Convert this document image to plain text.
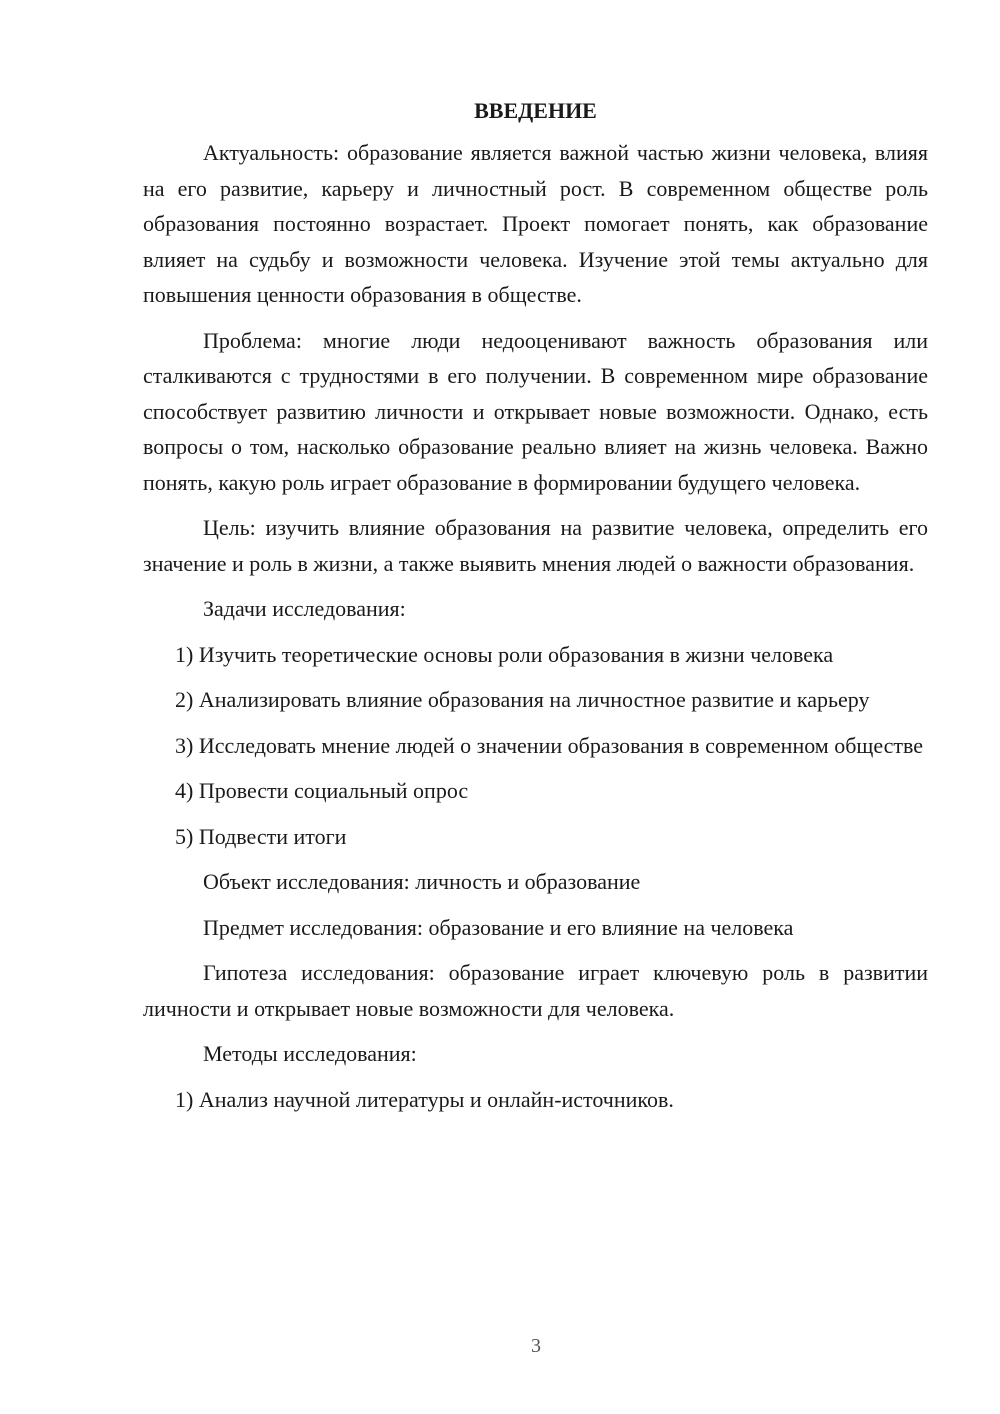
ВВЕДЕНИЕ
Актуальность: образование является важной частью жизни человека, влияя на его развитие, карьеру и личностный рост. В современном обществе роль образования постоянно возрастает. Проект помогает понять, как образование влияет на судьбу и возможности человека. Изучение этой темы актуально для повышения ценности образования в обществе.
Проблема: многие люди недооценивают важность образования или сталкиваются с трудностями в его получении. В современном мире образование способствует развитию личности и открывает новые возможности. Однако, есть вопросы о том, насколько образование реально влияет на жизнь человека. Важно понять, какую роль играет образование в формировании будущего человека.
Цель: изучить влияние образования на развитие человека, определить его значение и роль в жизни, а также выявить мнения людей о важности образования.
Задачи исследования:
1) Изучить теоретические основы роли образования в жизни человека
2) Анализировать влияние образования на личностное развитие и карьеру
3) Исследовать мнение людей о значении образования в современном обществе
4) Провести социальный опрос
5) Подвести итоги
Объект исследования: личность и образование
Предмет исследования: образование и его влияние на человека
Гипотеза исследования: образование играет ключевую роль в развитии личности и открывает новые возможности для человека.
Методы исследования:
1) Анализ научной литературы и онлайн-источников.
3
